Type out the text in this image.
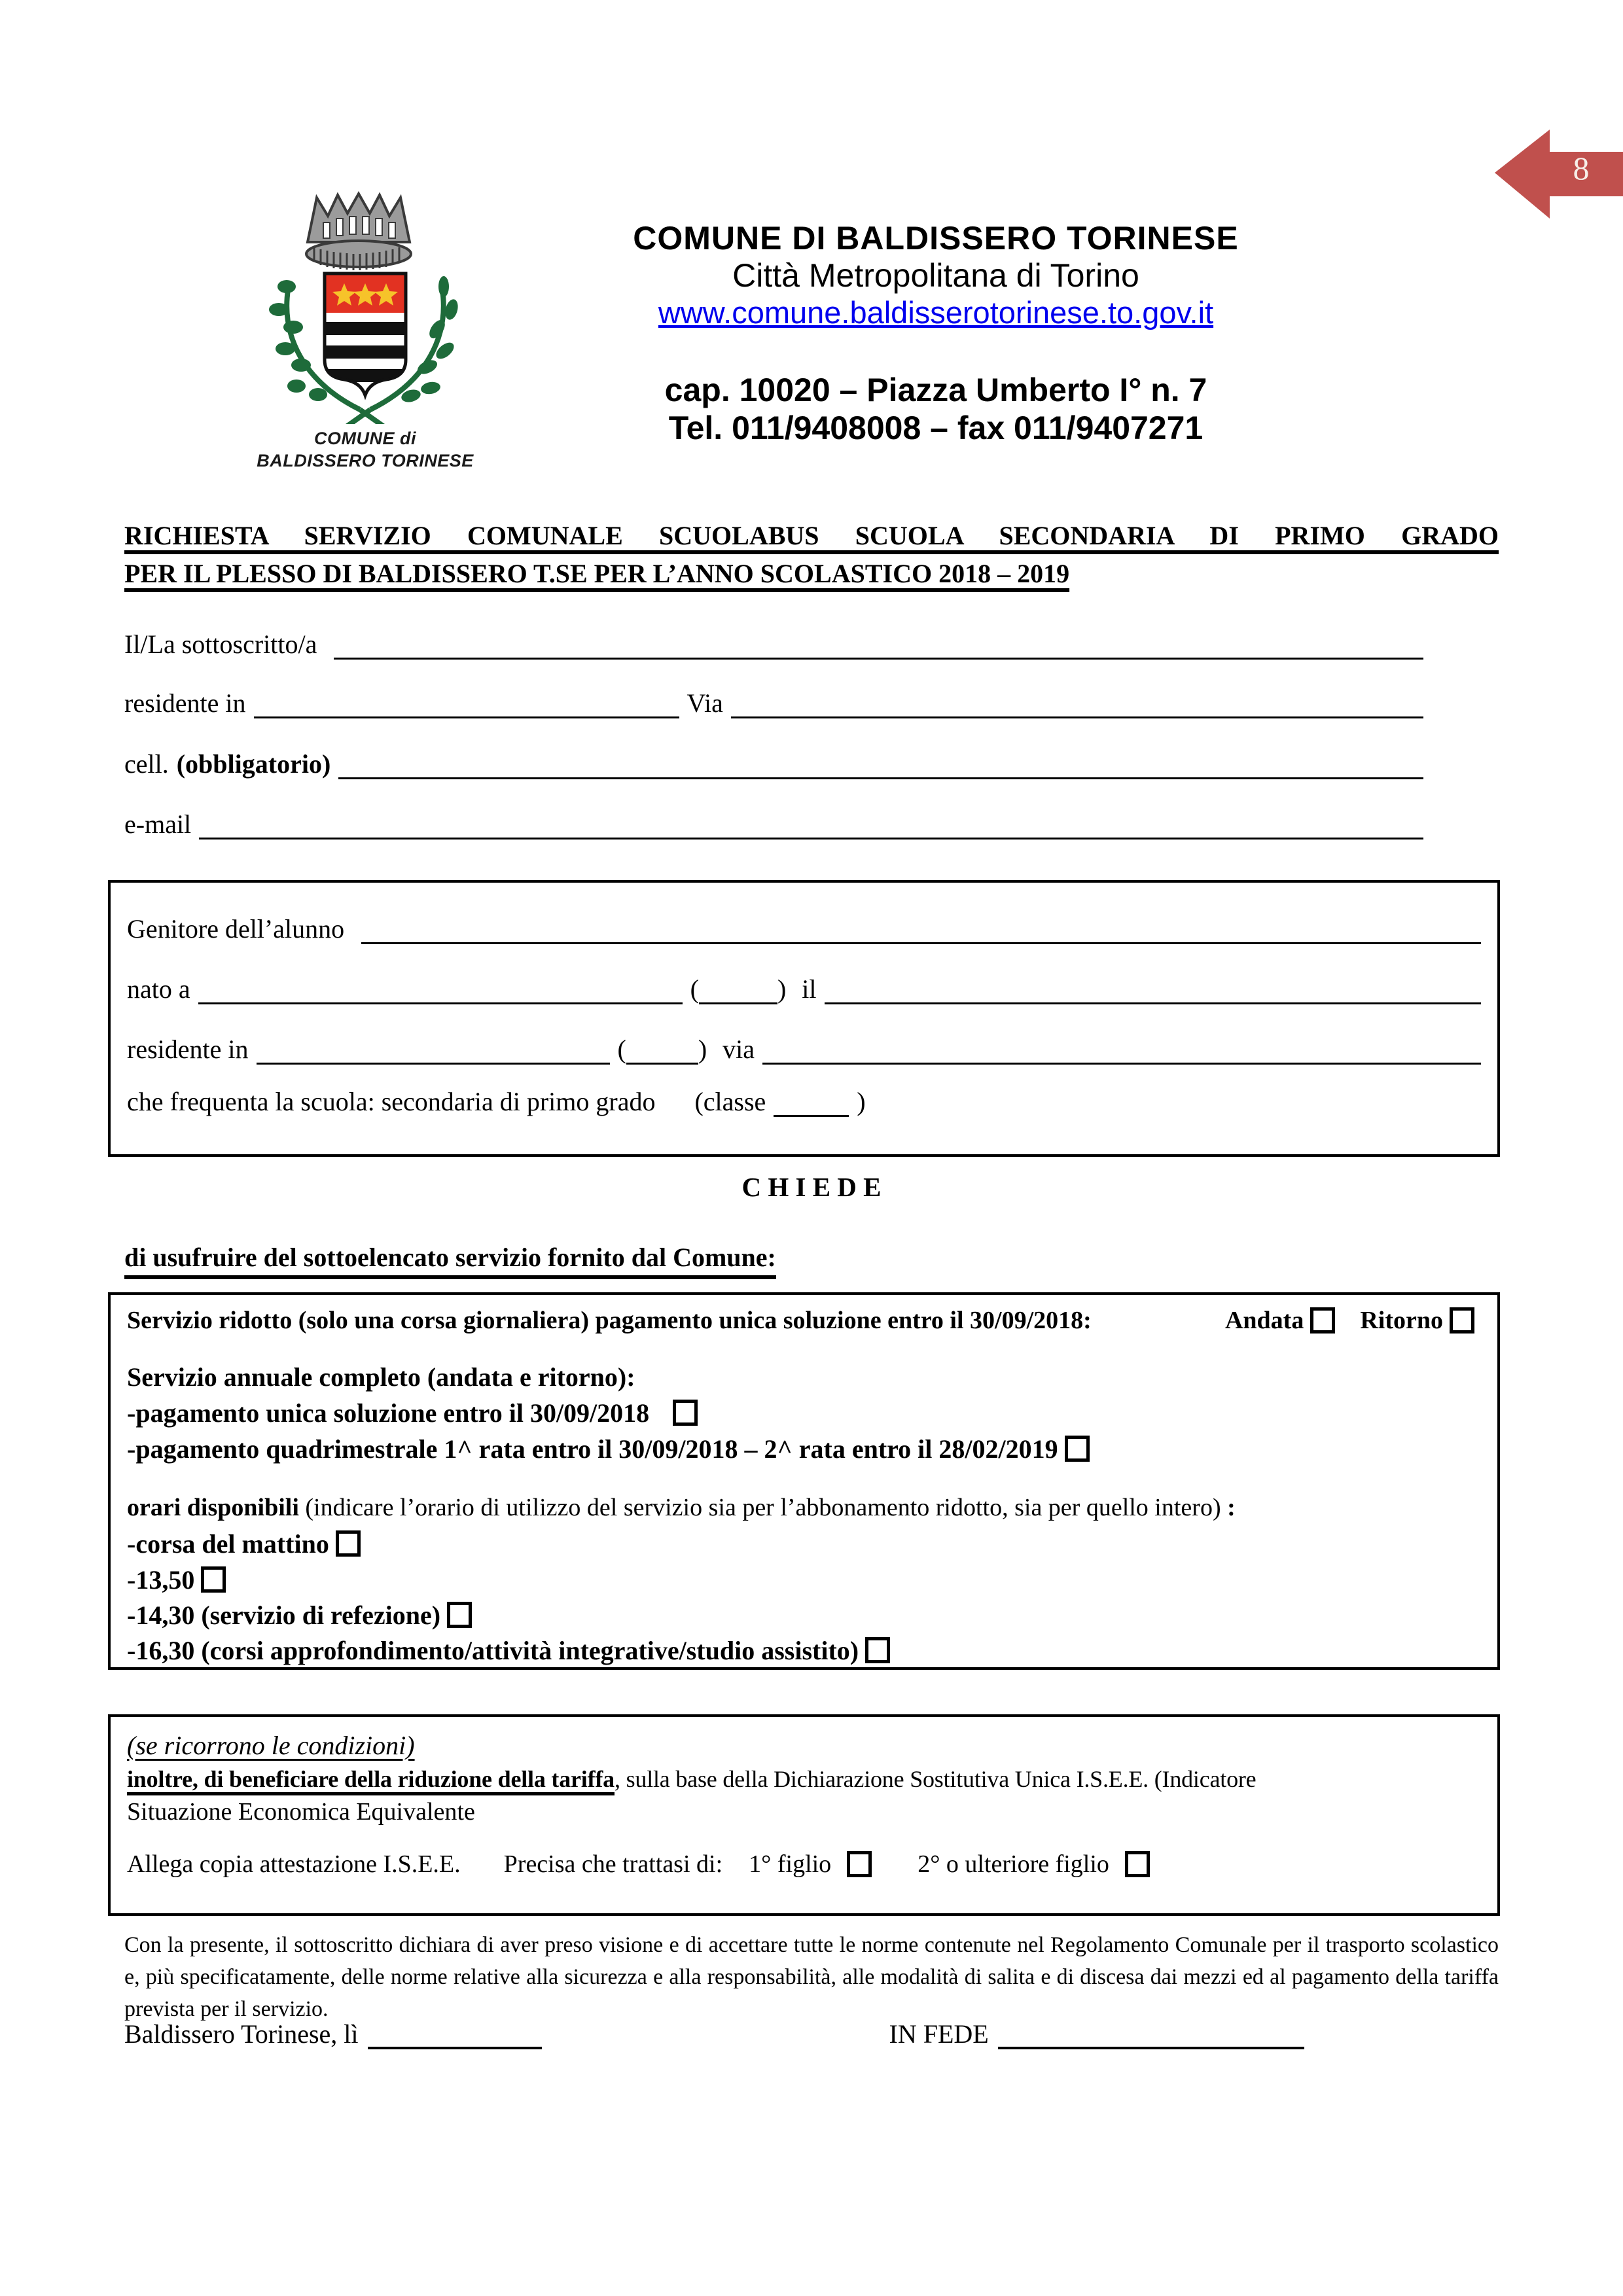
8
COMUNE di
BALDISSERO TORINESE
COMUNE DI BALDISSERO TORINESE
Città Metropolitana di Torino
www.comune.baldisserotorinese.to.gov.it
cap. 10020 – Piazza Umberto I° n. 7
Tel. 011/9408008 – fax 011/9407271
RICHIESTA SERVIZIO COMUNALE SCUOLABUS SCUOLA SECONDARIA DI PRIMO GRADO
PER IL PLESSO DI BALDISSERO T.SE PER L’ANNO SCOLASTICO 2018 – 2019
Il/La sottoscritto/a
residente in	Via
cell. (obbligatorio)
e-mail
Genitore dell’alunno
nato a	(	) il
residente in	(	) via
che frequenta la scuola: secondaria di primo grado (classe	)
C H I E D E
di usufruire del sottoelencato servizio fornito dal Comune:
Servizio ridotto (solo una corsa giornaliera) pagamento unica soluzione entro il 30/09/2018:	Andata Ritorno
Servizio annuale completo (andata e ritorno):
-pagamento unica soluzione entro il 30/09/2018
-pagamento quadrimestrale 1^ rata entro il 30/09/2018 – 2^ rata entro il 28/02/2019
orari disponibili (indicare l’orario di utilizzo del servizio sia per l’abbonamento ridotto, sia per quello intero) :
-corsa del mattino
-13,50
-14,30 (servizio di refezione)
-16,30 (corsi approfondimento/attività integrative/studio assistito)
(se ricorrono le condizioni)
inoltre, di beneficiare della riduzione della tariffa , sulla base della Dichiarazione Sostitutiva Unica I.S.E.E. (Indicatore
Situazione Economica Equivalente
Allega copia attestazione I.S.E.E. Precisa che trattasi di: 1° figlio	2° o ulteriore figlio
Con la presente, il sottoscritto dichiara di aver preso visione e di accettare tutte le norme contenute nel Regolamento Comunale per il trasporto scolastico e, più specificatamente, delle norme relative alla sicurezza e alla responsabilità, alle modalità di salita e di discesa dai mezzi ed al pagamento della tariffa prevista per il servizio.
Baldissero Torinese, lì	IN FEDE
